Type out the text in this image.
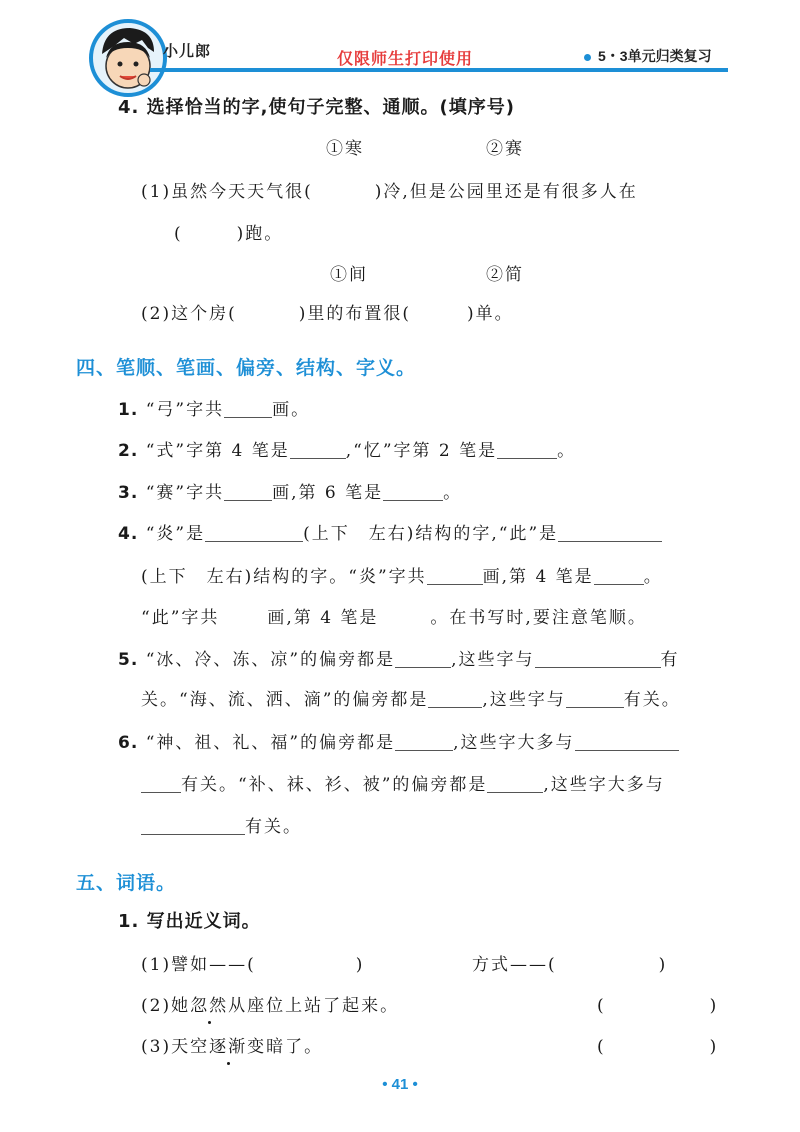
小儿郎	仅限师生打印使用	5・3单元归类复习
4. 选择恰当的字,使句子完整、通顺。(填序号)
①寒	②赛
(1)虽然今天天气很(	)冷,但是公园里还是有很多人在
(	)跑。
①间	②简
(2)这个房(	)里的布置很(	)单。
四、笔顺、笔画、偏旁、结构、字义。
1. “弓”字共	画。
2. “式”字第 4 笔是	,“忆”字第 2 笔是	。
3. “赛”字共	画,第 6 笔是	。
4. “炎”是	(上下　左右)结构的字,“此”是
(上下　左右)结构的字。“炎”字共	画,第 4 笔是	。
“此”字共	画,第 4 笔是	。在书写时,要注意笔顺。
5. “冰、冷、冻、凉”的偏旁都是	,这些字与	有
关。“海、流、洒、滴”的偏旁都是	,这些字与	有关。
6. “神、祖、礼、福”的偏旁都是	,这些字大多与
有关。“补、袜、衫、被”的偏旁都是	,这些字大多与
有关。
五、词语。
1. 写出近义词。
(1)譬如——(	)	方式——(	)
(2)她忽然从座位上站了起来。	(	)
(3)天空逐渐变暗了。	(	)
• 41 •
